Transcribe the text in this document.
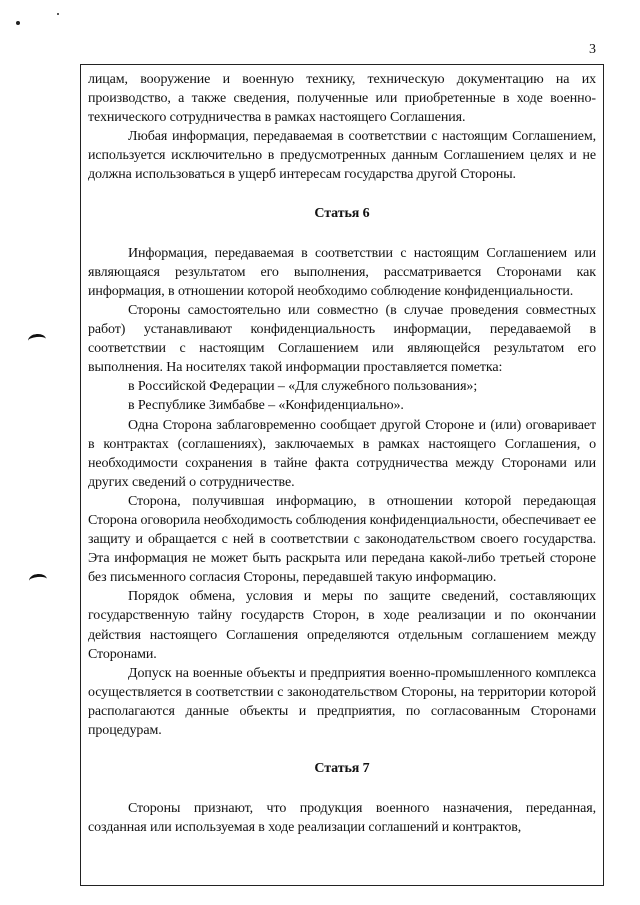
3

лицам, вооружение и военную технику, техническую документацию на их производство, а также сведения, полученные или приобретенные в ходе военно-технического сотрудничества в рамках настоящего Соглашения.

Любая информация, передаваемая в соответствии с настоящим Соглашением, используется исключительно в предусмотренных данным Соглашением целях и не должна использоваться в ущерб интересам государства другой Стороны.

Статья 6

Информация, передаваемая в соответствии с настоящим Соглашением или являющаяся результатом его выполнения, рассматривается Сторонами как информация, в отношении которой необходимо соблюдение конфиденциальности.

Стороны самостоятельно или совместно (в случае проведения совместных работ) устанавливают конфиденциальность информации, передаваемой в соответствии с настоящим Соглашением или являющейся результатом его выполнения. На носителях такой информации проставляется пометка:

в Российской Федерации – «Для служебного пользования»;

в Республике Зимбабве – «Конфиденциально».

Одна Сторона заблаговременно сообщает другой Стороне и (или) оговаривает в контрактах (соглашениях), заключаемых в рамках настоящего Соглашения, о необходимости сохранения в тайне факта сотрудничества между Сторонами или других сведений о сотрудничестве.

Сторона, получившая информацию, в отношении которой передающая Сторона оговорила необходимость соблюдения конфиденциальности, обеспечивает ее защиту и обращается с ней в соответствии с законодательством своего государства. Эта информация не может быть раскрыта или передана какой-либо третьей стороне без письменного согласия Стороны, передавшей такую информацию.

Порядок обмена, условия и меры по защите сведений, составляющих государственную тайну государств Сторон, в ходе реализации и по окончании действия настоящего Соглашения определяются отдельным соглашением между Сторонами.

Допуск на военные объекты и предприятия военно-промышленного комплекса осуществляется в соответствии с законодательством Стороны, на территории которой располагаются данные объекты и предприятия, по согласованным Сторонами процедурам.

Статья 7

Стороны признают, что продукция военного назначения, переданная, созданная или используемая в ходе реализации соглашений и контрактов,
